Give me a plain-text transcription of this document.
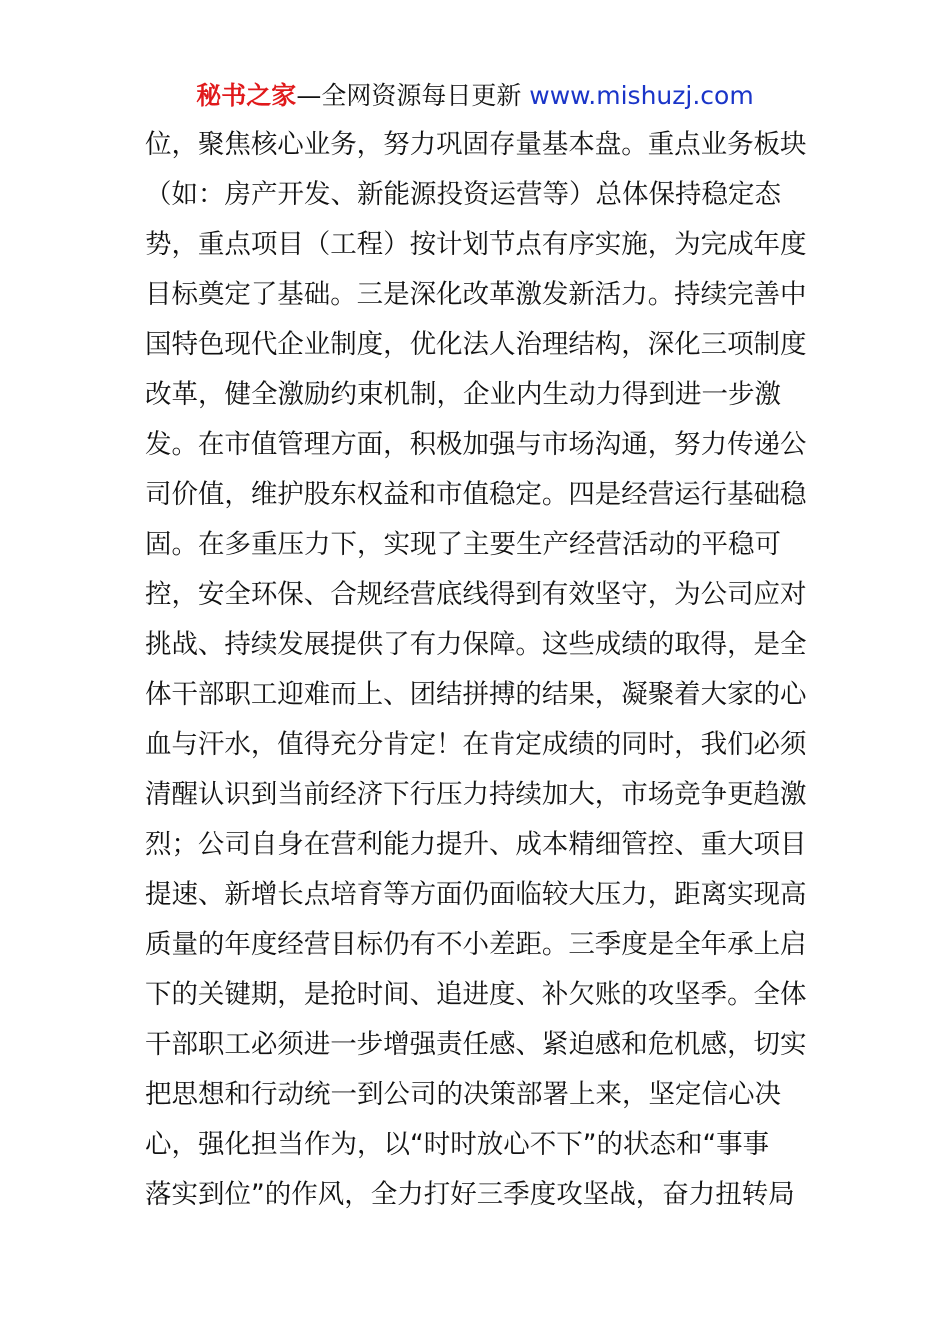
秘书之家—全网资源每日更新 www.mishuzj.com
位，聚焦核心业务，努力巩固存量基本盘。重点业务板块
（如：房产开发、新能源投资运营等）总体保持稳定态
势，重点项目（工程）按计划节点有序实施，为完成年度
目标奠定了基础。三是深化改革激发新活力。持续完善中
国特色现代企业制度，优化法人治理结构，深化三项制度
改革，健全激励约束机制，企业内生动力得到进一步激
发。在市值管理方面，积极加强与市场沟通，努力传递公
司价值，维护股东权益和市值稳定。四是经营运行基础稳
固。在多重压力下，实现了主要生产经营活动的平稳可
控，安全环保、合规经营底线得到有效坚守，为公司应对
挑战、持续发展提供了有力保障。这些成绩的取得，是全
体干部职工迎难而上、团结拼搏的结果，凝聚着大家的心
血与汗水，值得充分肯定！在肯定成绩的同时，我们必须
清醒认识到当前经济下行压力持续加大，市场竞争更趋激
烈；公司自身在营利能力提升、成本精细管控、重大项目
提速、新增长点培育等方面仍面临较大压力，距离实现高
质量的年度经营目标仍有不小差距。三季度是全年承上启
下的关键期，是抢时间、追进度、补欠账的攻坚季。全体
干部职工必须进一步增强责任感、紧迫感和危机感，切实
把思想和行动统一到公司的决策部署上来，坚定信心决
心，强化担当作为，以“时时放心不下”的状态和“事事
落实到位”的作风，全力打好三季度攻坚战，奋力扭转局
